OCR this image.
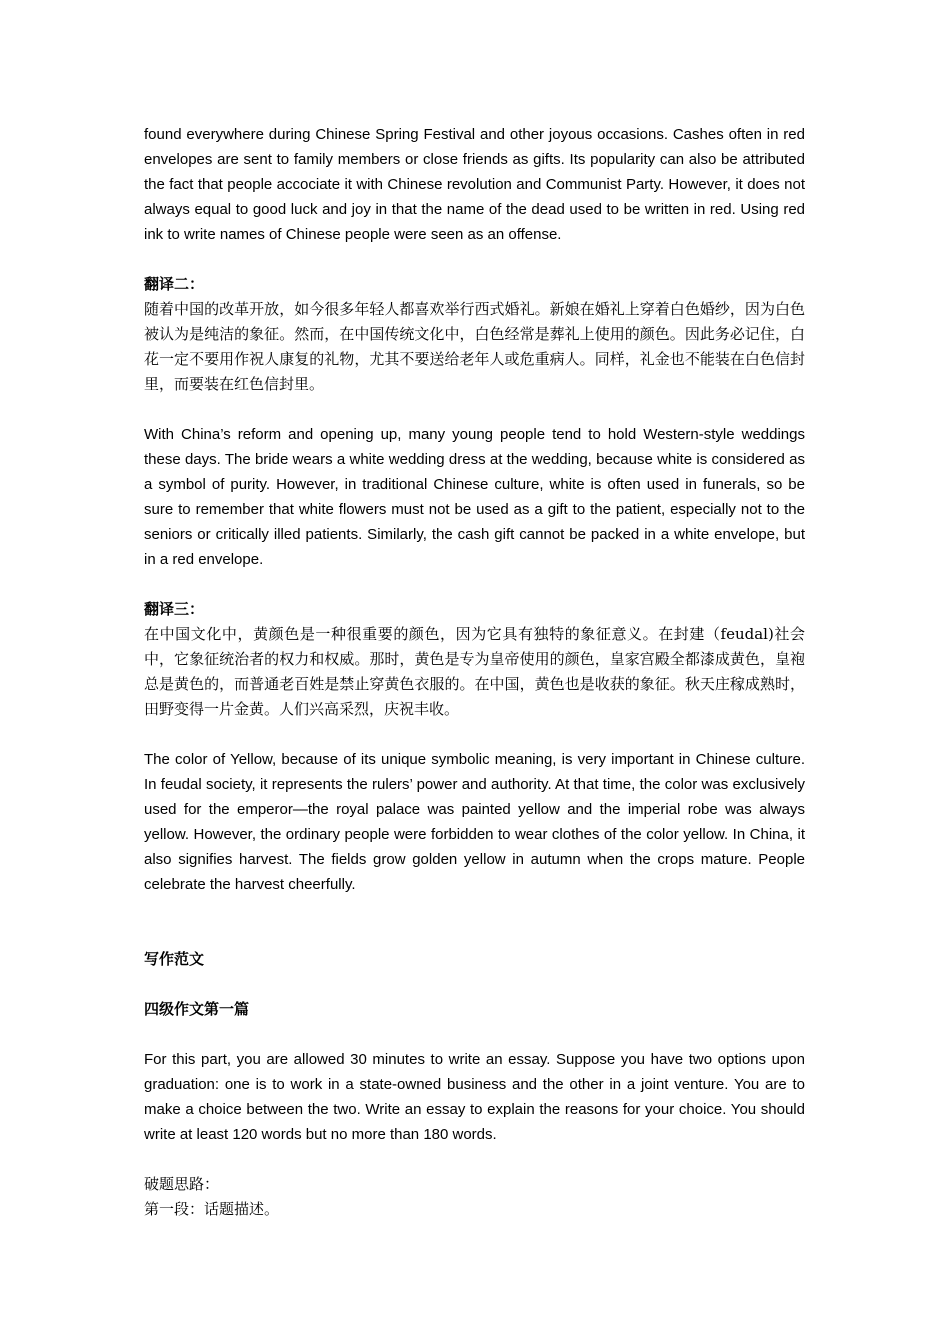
found everywhere during Chinese Spring Festival and other joyous occasions. Cashes often in red envelopes are sent to family members or close friends as gifts. Its popularity can also be attributed the fact that people accociate it with Chinese revolution and Communist Party. However, it does not always equal to good luck and joy in that the name of the dead used to be written in red. Using red ink to write names of Chinese people were seen as an offense.

翻译二：

随着中国的改革开放，如今很多年轻人都喜欢举行西式婚礼。新娘在婚礼上穿着白色婚纱，因为白色被认为是纯洁的象征。然而，在中国传统文化中，白色经常是葬礼上使用的颜色。因此务必记住，白花一定不要用作祝人康复的礼物，尤其不要送给老年人或危重病人。同样，礼金也不能装在白色信封里，而要装在红色信封里。

With China’s reform and opening up, many young people tend to hold Western-style weddings these days. The bride wears a white wedding dress at the wedding, because white is considered as a symbol of purity. However, in traditional Chinese culture, white is often used in funerals, so be sure to remember that white flowers must not be used as a gift to the patient, especially not to the seniors or critically illed patients. Similarly, the cash gift cannot be packed in a white envelope, but in a red envelope.

翻译三：

在中国文化中，黄颜色是一种很重要的颜色，因为它具有独特的象征意义。在封建（feudal)社会中，它象征统治者的权力和权威。那时，黄色是专为皇帝使用的颜色，皇家宫殿全都漆成黄色，皇袍总是黄色的，而普通老百姓是禁止穿黄色衣服的。在中国，黄色也是收获的象征。秋天庄稼成熟时，田野变得一片金黄。人们兴高采烈，庆祝丰收。

The color of Yellow, because of its unique symbolic meaning, is very important in Chinese culture. In feudal society, it represents the rulers’ power and authority. At that time, the color was exclusively used for the emperor—the royal palace was painted yellow and the imperial robe was always yellow. However, the ordinary people were forbidden to wear clothes of the color yellow. In China, it also signifies harvest. The fields grow golden yellow in autumn when the crops mature. People celebrate the harvest cheerfully.

写作范文

四级作文第一篇

For this part, you are allowed 30 minutes to write an essay. Suppose you have two options upon graduation: one is to work in a state-owned business and the other in a joint venture. You are to make a choice between the two. Write an essay to explain the reasons for your choice. You should write at least 120 words but no more than 180 words.

破题思路：

第一段：话题描述。
